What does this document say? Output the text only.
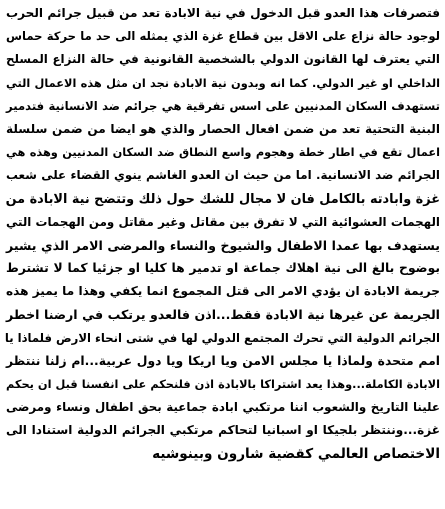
فتصرفات هذا العدو قبل الدخول في نية الابادة تعد من قبيل جرائم الحرب
لوجود حالة نزاع على الاقل بين قطاع غزة الذي يمثله الى حد ما حركة حماس
التي يعترف لها القانون الدولي بالشخصية القانونية في حالة النزاع المسلح
الداخلي او غير الدولي. كما انه وبدون نية الابادة نجد ان مثل هذه الاعمال التي
تستهدف السكان المدنيين على اسس تفرقية هي جرائم ضد الانسانية فتدمير
البنية التحتية تعد من ضمن افعال الحصار والذي هو ايضا من ضمن سلسلة
اعمال تقع في اطار خطة وهجوم واسع النطاق ضد السكان المدنيين وهذه هي
الجرائم ضد الانسانية. اما من حيث ان العدو الغاشم ينوي القضاء على شعب
غزة وابادته بالكامل فان لا مجال للشك حول ذلك وتتضح نية الابادة من
الهجمات العشوائية التي لا تفرق بين مقاتل وغير مقاتل ومن الهجمات التي
يستهدف بها عمدا الاطفال والشيوخ والنساء والمرضى الامر الذي يشير
بوضوح بالغ الى نية اهلاك جماعة او تدمير ها كليا او جزئيا كما لا تشترط
جريمة الابادة ان يؤدي الامر الى قتل المجموع انما يكفي وهذا ما يميز هذه
الجريمة عن غيرها نية الابادة فقط...اذن فالعدو يرتكب في ارضنا اخطر
الجرائم الدولية التي تحرك المجتمع الدولي لها في شتى انحاء الارض فلماذا يا
امم متحدة ولماذا يا مجلس الامن ويا اريكا ويا دول عربية...ام زلنا ننتظر
الابادة الكاملة...وهذا يعد اشتراكا بالابادة اذن فلنحكم على انفسنا قبل ان يحكم
علينا التاريخ والشعوب اننا مرتكبي ابادة جماعية بحق اطفال ونساء ومرضى
غزة...وننتظر بلجيكا او اسبانيا لتحاكم مرتكبي الجرائم الدولية استنادا الى
الاختصاص العالمي كقضية شارون وبينوشيه
